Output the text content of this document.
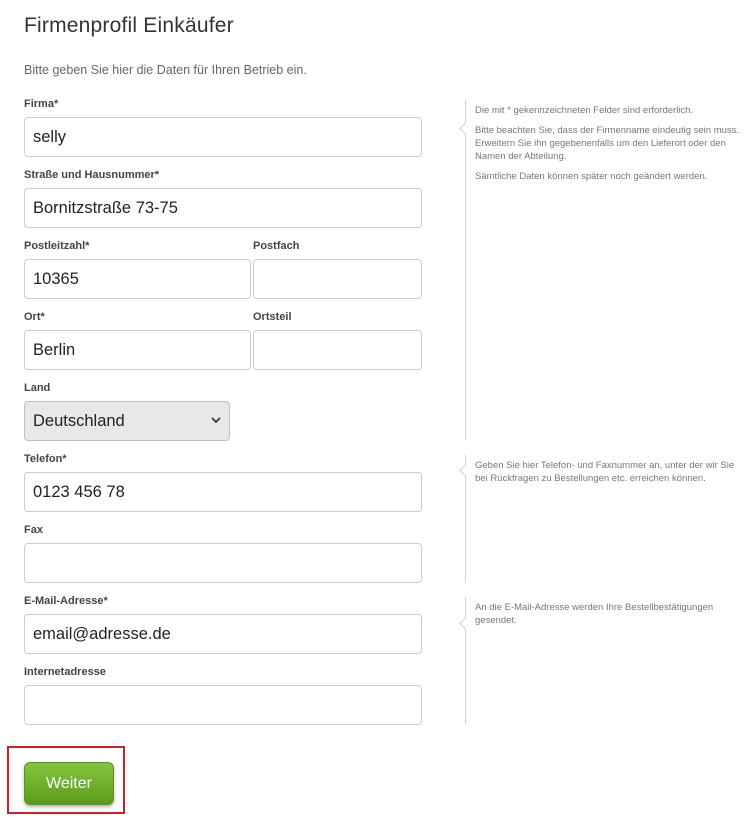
Firmenprofil Einkäufer
Bitte geben Sie hier die Daten für Ihren Betrieb ein.
Firma*
selly
Straße und Hausnummer*
Bornitzstraße 73-75
Postleitzahl*
10365
Postfach
Ort*
Berlin
Ortsteil
Land
Deutschland
Telefon*
0123 456 78
Fax
E-Mail-Adresse*
email@adresse.de
Internetadresse

Die mit * gekennzeichneten Felder sind erforderlich.

Bitte beachten Sie, dass der Firmenname eindeutig sein muss. Erweitern Sie ihn gegebenenfalls um den Lieferort oder den Namen der Abteilung.

Sämtliche Daten können später noch geändert werden.

Geben Sie hier Telefon- und Faxnummer an, unter der wir Sie bei Rückfragen zu Bestellungen etc. erreichen können.

An die E-Mail-Adresse werden Ihre Bestellbestätigungen gesendet.

Weiter
